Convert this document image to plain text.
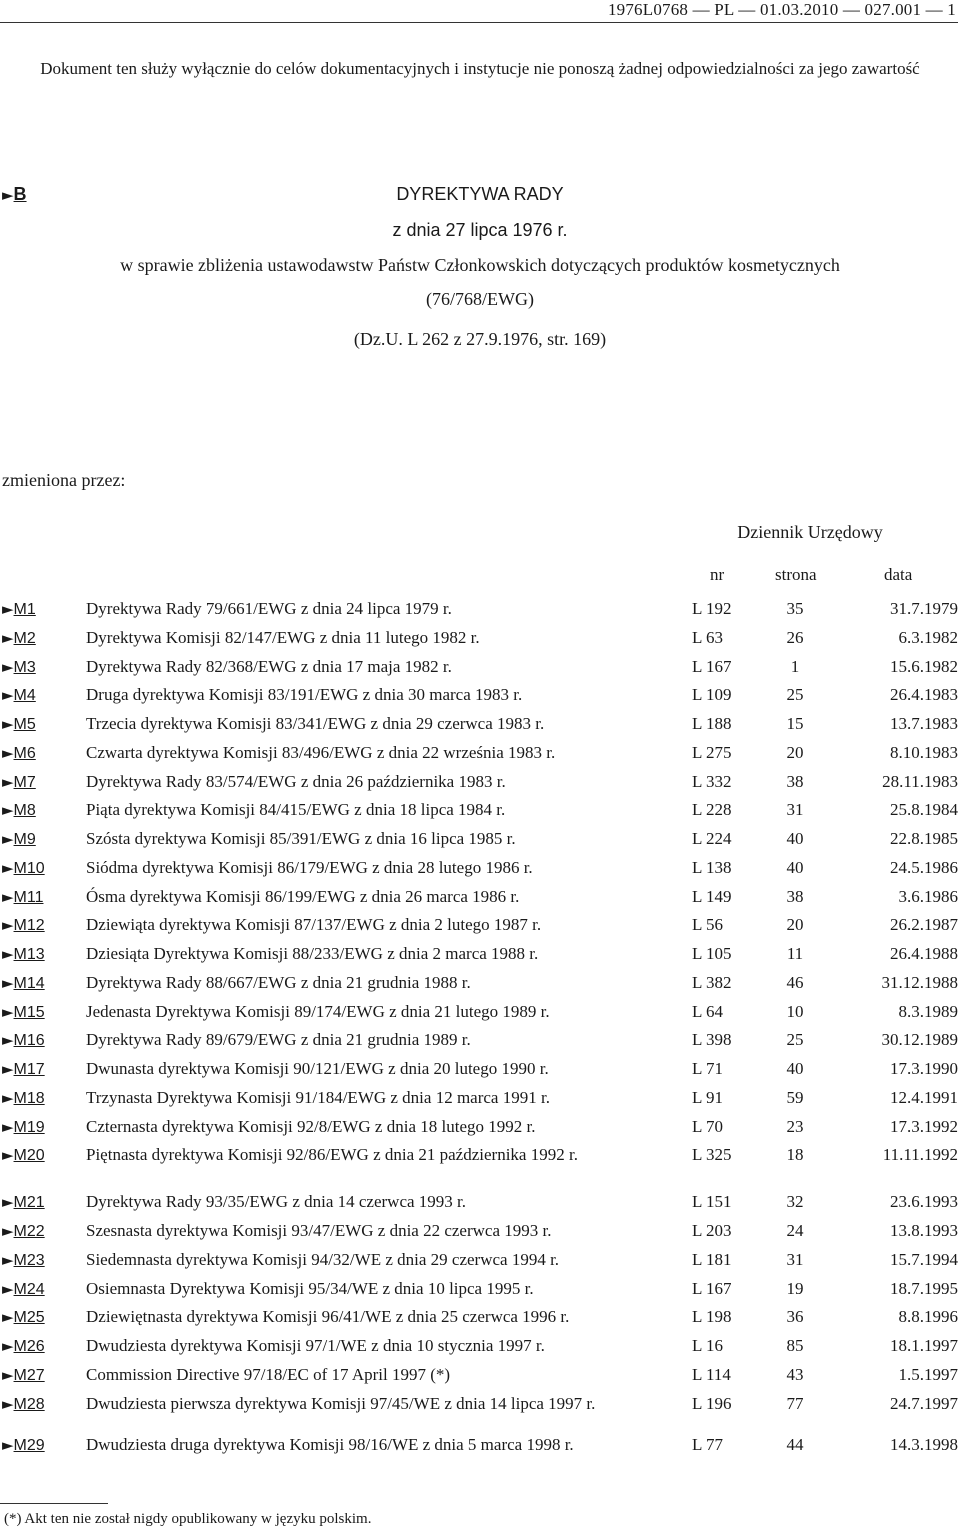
1976L0768 — PL — 01.03.2010 — 027.001 — 1
Dokument ten służy wyłącznie do celów dokumentacyjnych i instytucje nie ponoszą żadnej odpowiedzialności za jego zawartość
►B	DYREKTYWA RADY
z dnia 27 lipca 1976 r.
w sprawie zbliżenia ustawodawstw Państw Członkowskich dotyczących produktów kosmetycznych
(76/768/EWG)
(Dz.U. L 262 z 27.9.1976, str. 169)
zmieniona przez:
Dziennik Urzędowy
nr	strona	data
►M1	Dyrektywa Rady 79/661/EWG z dnia 24 lipca 1979 r.	L 192	35	31.7.1979
►M2	Dyrektywa Komisji 82/147/EWG z dnia 11 lutego 1982 r.	L 63	26	6.3.1982
►M3	Dyrektywa Rady 82/368/EWG z dnia 17 maja 1982 r.	L 167	1	15.6.1982
►M4	Druga dyrektywa Komisji 83/191/EWG z dnia 30 marca 1983 r.	L 109	25	26.4.1983
►M5	Trzecia dyrektywa Komisji 83/341/EWG z dnia 29 czerwca 1983 r.	L 188	15	13.7.1983
►M6	Czwarta dyrektywa Komisji 83/496/EWG z dnia 22 września 1983 r.	L 275	20	8.10.1983
►M7	Dyrektywa Rady 83/574/EWG z dnia 26 października 1983 r.	L 332	38	28.11.1983
►M8	Piąta dyrektywa Komisji 84/415/EWG z dnia 18 lipca 1984 r.	L 228	31	25.8.1984
►M9	Szósta dyrektywa Komisji 85/391/EWG z dnia 16 lipca 1985 r.	L 224	40	22.8.1985
►M10 Siódma dyrektywa Komisji 86/179/EWG z dnia 28 lutego 1986 r.	L 138	40	24.5.1986
►M11	Ósma dyrektywa Komisji 86/199/EWG z dnia 26 marca 1986 r.	L 149	38	3.6.1986
►M12 Dziewiąta dyrektywa Komisji 87/137/EWG z dnia 2 lutego 1987 r.	L 56	20	26.2.1987
►M13 Dziesiąta Dyrektywa Komisji 88/233/EWG z dnia 2 marca 1988 r.	L 105	11	26.4.1988
►M14 Dyrektywa Rady 88/667/EWG z dnia 21 grudnia 1988 r.	L 382	46	31.12.1988
►M15 Jedenasta Dyrektywa Komisji 89/174/EWG z dnia 21 lutego 1989 r.	L 64	10	8.3.1989
►M16 Dyrektywa Rady 89/679/EWG z dnia 21 grudnia 1989 r.	L 398	25	30.12.1989
►M17 Dwunasta dyrektywa Komisji 90/121/EWG z dnia 20 lutego 1990 r.	L 71	40	17.3.1990
►M18 Trzynasta Dyrektywa Komisji 91/184/EWG z dnia 12 marca 1991 r.	L 91	59	12.4.1991
►M19 Czternasta dyrektywa Komisji 92/8/EWG z dnia 18 lutego 1992 r.	L 70	23	17.3.1992
►M20 Piętnasta dyrektywa Komisji 92/86/EWG z dnia 21 października 1992 r.	L 325	18	11.11.1992
►M21 Dyrektywa Rady 93/35/EWG z dnia 14 czerwca 1993 r.	L 151	32	23.6.1993
►M22 Szesnasta dyrektywa Komisji 93/47/EWG z dnia 22 czerwca 1993 r.	L 203	24	13.8.1993
►M23 Siedemnasta dyrektywa Komisji 94/32/WE z dnia 29 czerwca 1994 r.	L 181	31	15.7.1994
►M24 Osiemnasta Dyrektywa Komisji 95/34/WE z dnia 10 lipca 1995 r.	L 167	19	18.7.1995
►M25 Dziewiętnasta dyrektywa Komisji 96/41/WE z dnia 25 czerwca 1996 r.	L 198	36	8.8.1996
►M26 Dwudziesta dyrektywa Komisji 97/1/WE z dnia 10 stycznia 1997 r.	L 16	85	18.1.1997
►M27 Commission Directive 97/18/EC of 17 April 1997 (*)	L 114	43	1.5.1997
►M28 Dwudziesta pierwsza dyrektywa Komisji 97/45/WE z dnia 14 lipca 1997 r.	L 196	77	24.7.1997
►M29 Dwudziesta druga dyrektywa Komisji 98/16/WE z dnia 5 marca 1998 r.	L 77	44	14.3.1998
(*) Akt ten nie został nigdy opublikowany w języku polskim.
